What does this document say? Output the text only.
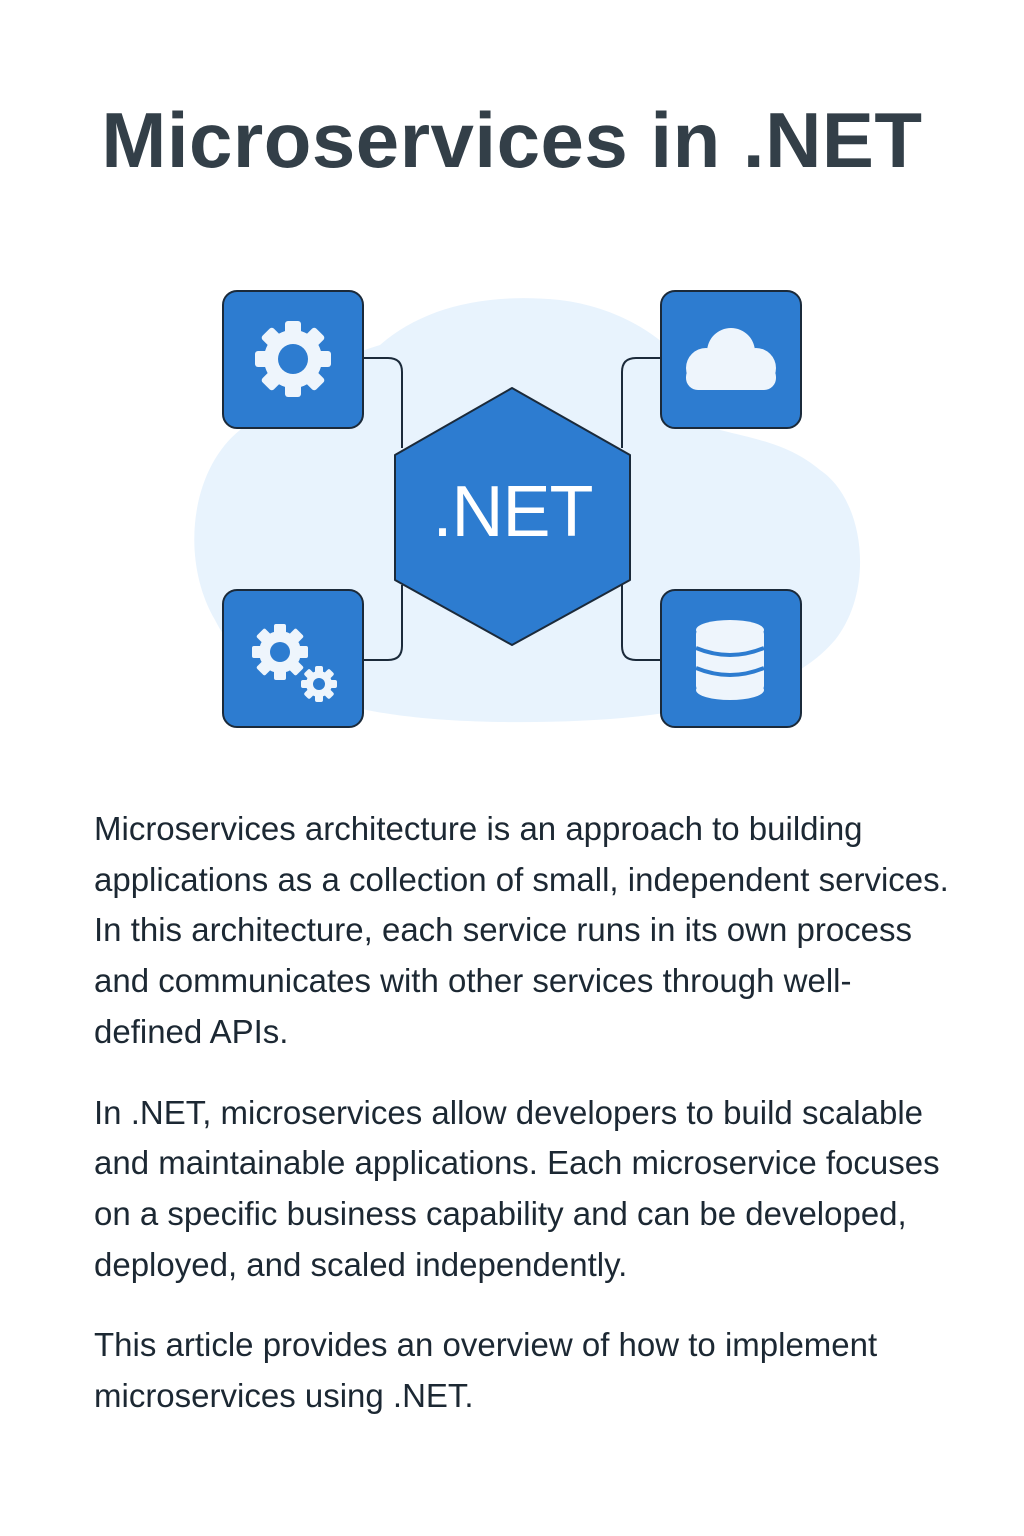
Microservices in .NET
.NET

Microservices architecture is an approach to building applications as a collection of small, independent services. In this architecture, each service runs in its own process and communicates with other services through well-defined APIs.

In .NET, microservices allow developers to build scalable and maintainable applications. Each microservice focuses on a specific business capability and can be developed, deployed, and scaled independently.

This article provides an overview of how to implement microservices using .NET.
